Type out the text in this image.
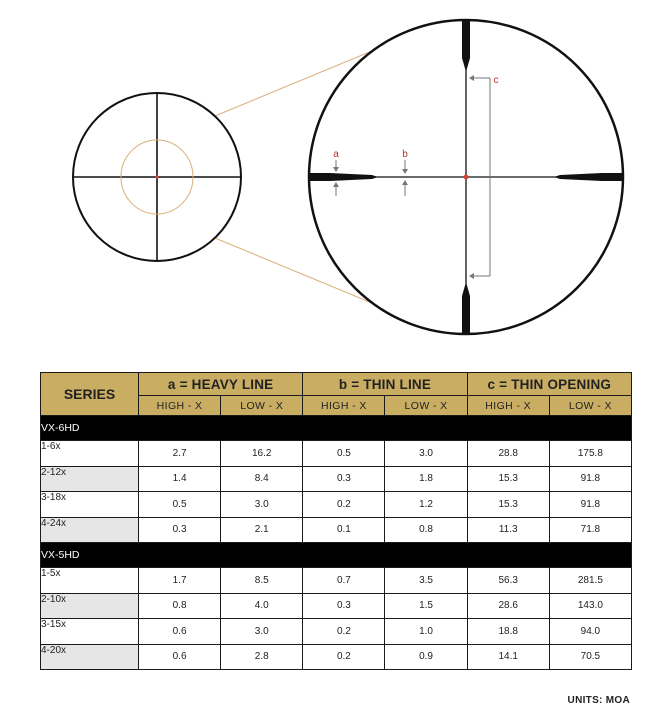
a	b
c
SERIES	a = HEAVY LINE		b = THIN LINE		c = THIN OPENING	
	HIGH - X	LOW - X	HIGH - X	LOW - X	HIGH - X	LOW - X
VX-6HD						
1-6x	2.7	16.2	0.5	3.0	28.8	175.8
2-12x	1.4	8.4	0.3	1.8	15.3	91.8
3-18x	0.5	3.0	0.2	1.2	15.3	91.8
4-24x	0.3	2.1	0.1	0.8	11.3	71.8
VX-5HD						
1-5x	1.7	8.5	0.7	3.5	56.3	281.5
2-10x	0.8	4.0	0.3	1.5	28.6	143.0
3-15x	0.6	3.0	0.2	1.0	18.8	94.0
4-20x	0.6	2.8	0.2	0.9	14.1	70.5
UNITS: MOA
